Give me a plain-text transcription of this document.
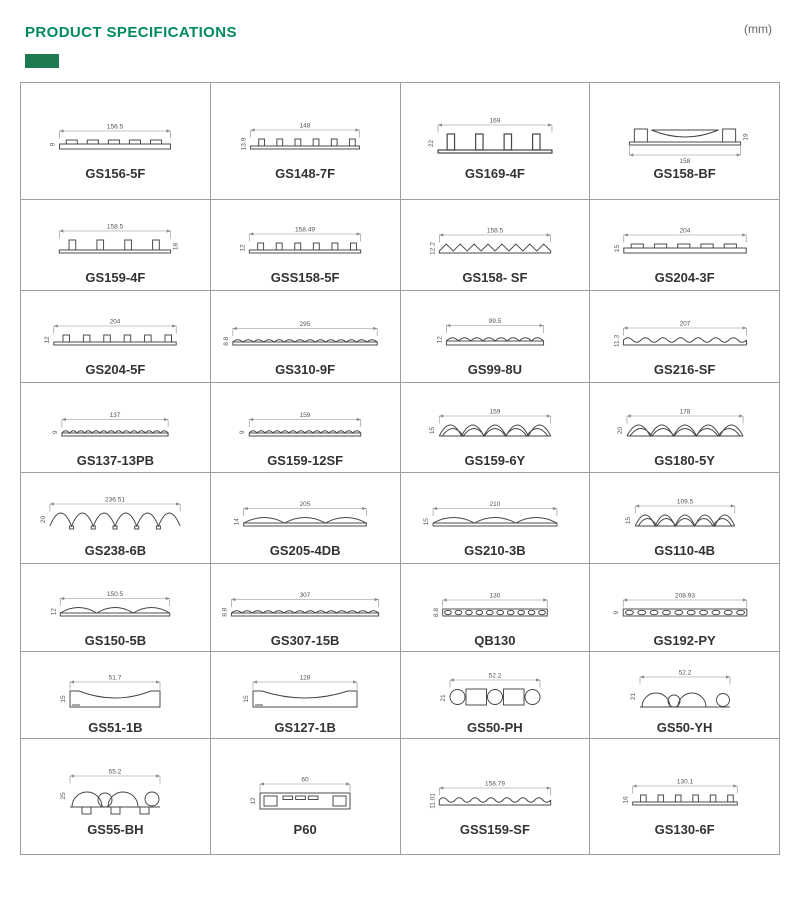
PRODUCT SPECIFICATIONS	(mm)
156.5
9
GS156-5F
148
13.9
GS148-7F
169
22
GS169-4F
158
19
GS158-BF
158.5
18
GS159-4F
158.49
12
GSS158-5F
158.5
12.2
GS158- SF
204
15
GS204-3F
204
12
GS204-5F
295
8.8
GS310-9F
99.5
12
GS99-8U
207
11.3
GS216-SF
137
9
GS137-13PB
159
9
GS159-12SF
159
15
GS159-6Y
178
20
GS180-5Y
236.51
20
GS238-6B
205
14
GS205-4DB
210
15
GS210-3B
109.5
15
GS110-4B
150.5
12
GS150-5B
307
8.8
GS307-15B
130
8.8
QB130
208.93
9
GS192-PY
51.7
15
GS51-1B
128
15
GS127-1B
52.2
21
GS50-PH
52.2
21
GS50-YH
55.2
25
GS55-BH
60
12
P60
158.79
11.01
GSS159-SF
130.1
16
GS130-6F
